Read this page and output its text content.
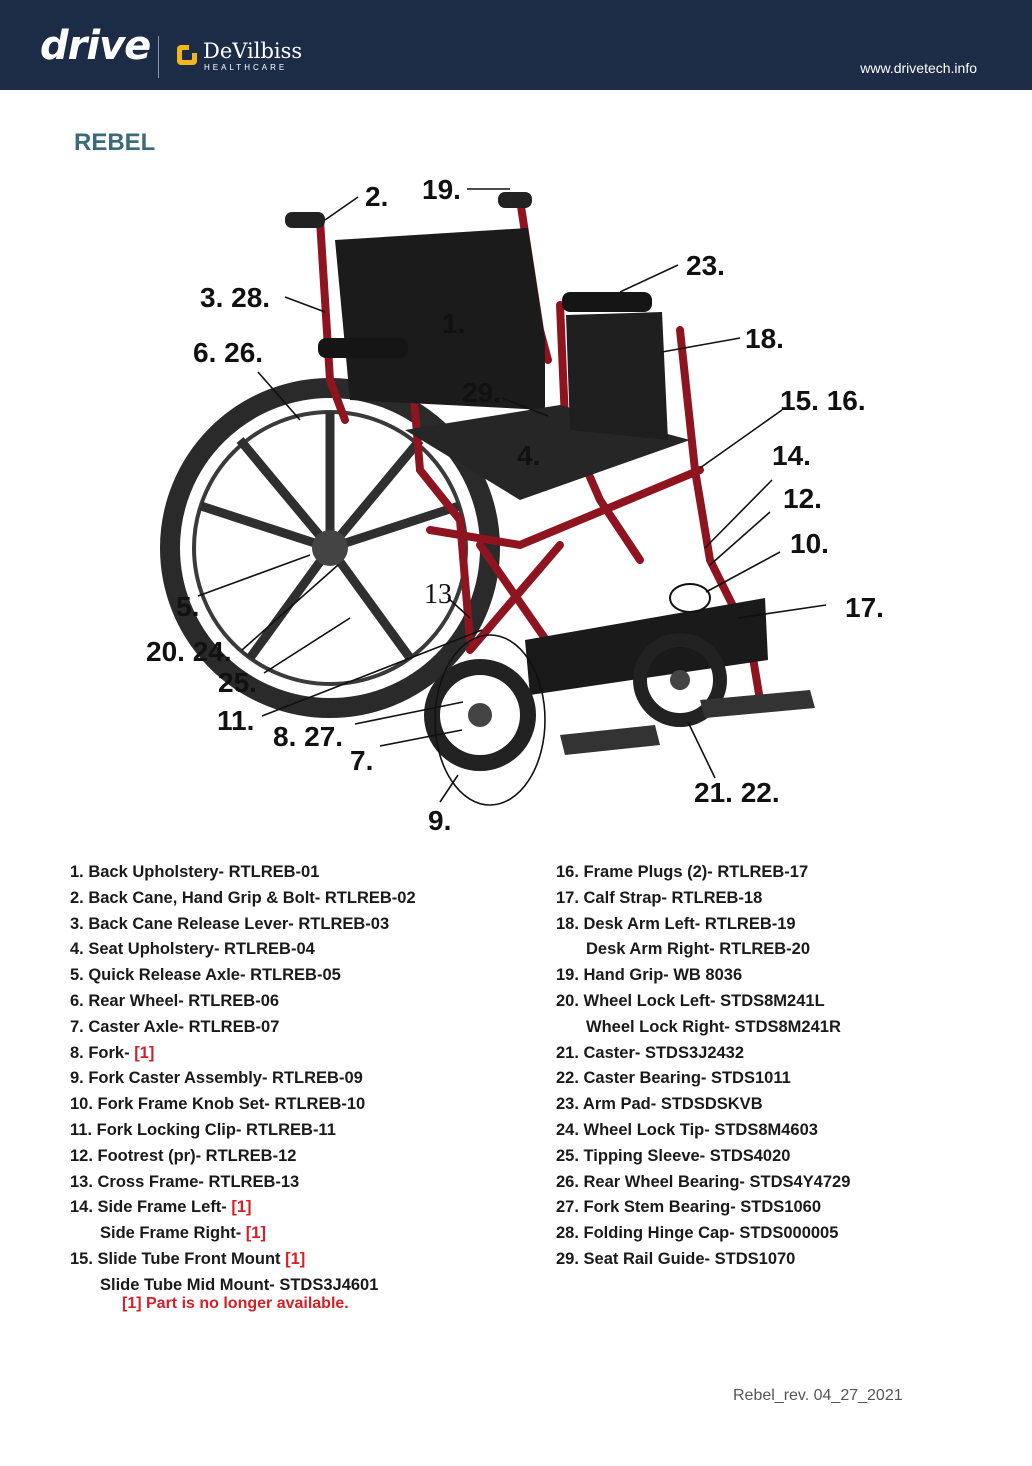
drive	DeVilbiss
HEALTHCARE	www.drivetech.info
REBEL
2. 19.
23.
3. 28.
1.	18.
6. 26.
29.	15. 16.
4.	14.
12.
10.
5.	13	17.
20. 24.
25.
11.
8. 27.
7.
21. 22.
9.
1. Back Upholstery- RTLREB-01
2. Back Cane, Hand Grip & Bolt- RTLREB-02
3. Back Cane Release Lever- RTLREB-03
4. Seat Upholstery- RTLREB-04
5. Quick Release Axle- RTLREB-05
6. Rear Wheel- RTLREB-06
7. Caster Axle- RTLREB-07
8. Fork- [1]
9. Fork Caster Assembly- RTLREB-09
10. Fork Frame Knob Set- RTLREB-10
11. Fork Locking Clip- RTLREB-11
12. Footrest (pr)- RTLREB-12
13. Cross Frame- RTLREB-13
14. Side Frame Left- [1]
Side Frame Right- [1]
15. Slide Tube Front Mount [1]
Slide Tube Mid Mount- STDS3J4601
16. Frame Plugs (2)- RTLREB-17
17. Calf Strap- RTLREB-18
18. Desk Arm Left- RTLREB-19
Desk Arm Right- RTLREB-20
19. Hand Grip- WB 8036
20. Wheel Lock Left- STDS8M241L
Wheel Lock Right- STDS8M241R
21. Caster- STDS3J2432
22. Caster Bearing- STDS1011
23. Arm Pad- STDSDSKVB
24. Wheel Lock Tip- STDS8M4603
25. Tipping Sleeve- STDS4020
26. Rear Wheel Bearing- STDS4Y4729
27. Fork Stem Bearing- STDS1060
28. Folding Hinge Cap- STDS000005
29. Seat Rail Guide- STDS1070
[1] Part is no longer available.
Rebel_rev. 04_27_2021
